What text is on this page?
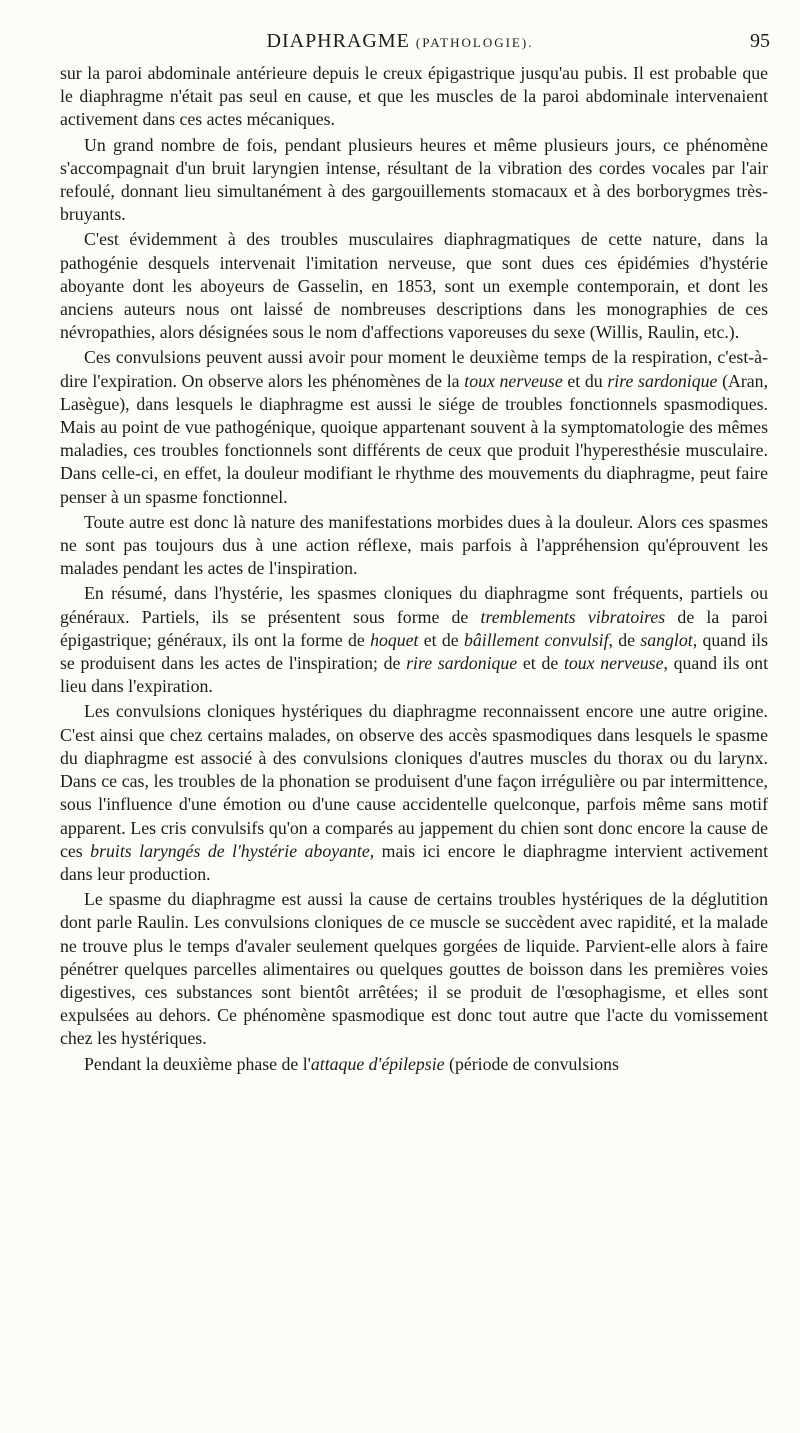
DIAPHRAGME (PATHOLOGIE).	95

sur la paroi abdominale antérieure depuis le creux épigastrique jusqu'au pubis. Il est probable que le diaphragme n'était pas seul en cause, et que les muscles de la paroi abdominale intervenaient activement dans ces actes mécaniques.

Un grand nombre de fois, pendant plusieurs heures et même plusieurs jours, ce phénomène s'accompagnait d'un bruit laryngien intense, résultant de la vibration des cordes vocales par l'air refoulé, donnant lieu simultanément à des gargouillements stomacaux et à des borborygmes très-bruyants.

C'est évidemment à des troubles musculaires diaphragmatiques de cette nature, dans la pathogénie desquels intervenait l'imitation nerveuse, que sont dues ces épidémies d'hystérie aboyante dont les aboyeurs de Gasselin, en 1853, sont un exemple contemporain, et dont les anciens auteurs nous ont laissé de nombreuses descriptions dans les monographies de ces névropathies, alors désignées sous le nom d'affections vaporeuses du sexe (Willis, Raulin, etc.).

Ces convulsions peuvent aussi avoir pour moment le deuxième temps de la respiration, c'est-à-dire l'expiration. On observe alors les phénomènes de la toux nerveuse et du rire sardonique (Aran, Lasègue), dans lesquels le diaphragme est aussi le siége de troubles fonctionnels spasmodiques. Mais au point de vue pathogénique, quoique appartenant souvent à la symptomatologie des mêmes maladies, ces troubles fonctionnels sont différents de ceux que produit l'hyperesthésie musculaire. Dans celle-ci, en effet, la douleur modifiant le rhythme des mouvements du diaphragme, peut faire penser à un spasme fonctionnel.

Toute autre est donc là nature des manifestations morbides dues à la douleur. Alors ces spasmes ne sont pas toujours dus à une action réflexe, mais parfois à l'appréhension qu'éprouvent les malades pendant les actes de l'inspiration.

En résumé, dans l'hystérie, les spasmes cloniques du diaphragme sont fréquents, partiels ou généraux. Partiels, ils se présentent sous forme de tremblements vibratoires de la paroi épigastrique; généraux, ils ont la forme de hoquet et de bâillement convulsif, de sanglot, quand ils se produisent dans les actes de l'inspiration; de rire sardonique et de toux nerveuse, quand ils ont lieu dans l'expiration.

Les convulsions cloniques hystériques du diaphragme reconnaissent encore une autre origine. C'est ainsi que chez certains malades, on observe des accès spasmodiques dans lesquels le spasme du diaphragme est associé à des convulsions cloniques d'autres muscles du thorax ou du larynx. Dans ce cas, les troubles de la phonation se produisent d'une façon irrégulière ou par intermittence, sous l'influence d'une émotion ou d'une cause accidentelle quelconque, parfois même sans motif apparent. Les cris convulsifs qu'on a comparés au jappement du chien sont donc encore la cause de ces bruits laryngés de l'hystérie aboyante, mais ici encore le diaphragme intervient activement dans leur production.

Le spasme du diaphragme est aussi la cause de certains troubles hystériques de la déglutition dont parle Raulin. Les convulsions cloniques de ce muscle se succèdent avec rapidité, et la malade ne trouve plus le temps d'avaler seulement quelques gorgées de liquide. Parvient-elle alors à faire pénétrer quelques parcelles alimentaires ou quelques gouttes de boisson dans les premières voies digestives, ces substances sont bientôt arrêtées; il se produit de l'œsophagisme, et elles sont expulsées au dehors. Ce phénomène spasmodique est donc tout autre que l'acte du vomissement chez les hystériques.

Pendant la deuxième phase de l'attaque d'épilepsie (période de convulsions
